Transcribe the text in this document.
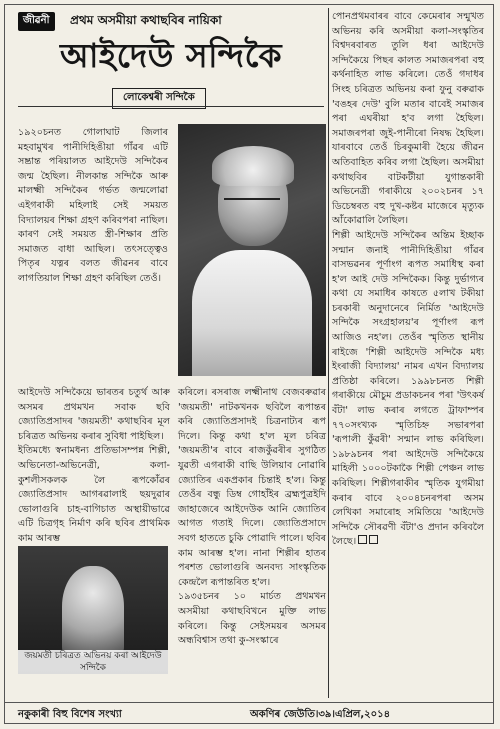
জীৱনী	প্ৰথম অসমীয়া কথাছবিৰ নায়িকা
আইদেউ সন্দিকৈ
লোকেশ্বৰী সন্দিকৈ

১৯২০চনত গোলাঘাট জিলাৰ মহবামুখৰ পানীদিহিঙীয়া গাঁৱৰ এটি সম্ভ্ৰান্ত পৰিয়ালত আইদেউ সন্দিকৈৰ জন্ম হৈছিল। নীলকান্ত সন্দিকৈ আৰু মালক্ষ্মী সন্দিকৈৰ গৰ্ভত জন্মলোৱা এইগৰাকী মহিলাই সেই সময়ত বিদ্যালয়ৰ শিক্ষা গ্ৰহণ কৰিবপৰা নাছিল। কাৰণ সেই সময়ত স্ত্ৰী-শিক্ষাৰ প্ৰতি সমাজত বাধা আছিল। তৎসত্ত্বেও পিতৃৰ যত্নৰ বলত জীৱনৰ বাবে লাগতিয়াল শিক্ষা গ্ৰহণ কৰিছিল তেওঁ।

আইদেউ সন্দিকৈয়ে ভাৰতৰ চতুৰ্থ আৰু অসমৰ প্ৰথমখন সবাক ছবি জ্যোতিপ্ৰসাদৰ 'জয়মতী' কথাছবিৰ মূল চৰিত্ৰত অভিনয় কৰাৰ সুবিধা পাইছিল।

ইতিমধ্যে স্বনামধন্য প্ৰতিভাসম্পন্ন শিল্পী, অভিনেতা-অভিনেত্ৰী, কলা-কুশলীসকলক লৈ ৰূপকোঁৱৰ জ্যোতিপ্ৰসাদ আগৰৱালাই ছয়দুৱাৰ ভোলাগুৰি চাহ-বাগিচাত অস্থায়ীভাৱে এটি চিত্ৰগৃহ নিৰ্মাণ কৰি ছবিৰ প্ৰাথমিক কাম আৰম্ভ

কৰিলে। ৰসৰাজ লক্ষ্মীনাথ বেজবৰুৱাৰ 'জয়মতী' নাটকখনক ছবিলৈ ৰূপান্তৰ কৰি জ্যোতিপ্ৰসাদই চিত্ৰনাট্যৰ ৰূপ দিলে। কিন্তু কথা হ'ল মূল চৰিত্ৰ 'জয়মতী'ৰ বাবে ৰাজকুঁৱৰীৰ সুগঠিত যুৱতী এগৰাকী বাছি উলিয়াব নোৱাৰি জ্যোতিৰ একপ্ৰকাৰ চিন্তাই হ'ল। কিন্তু তেওঁৰ বন্ধু ডিম্ব গোহাঁইৰ ব্ৰহ্মপুত্ৰইদি জাহাজেৰে আইদেউক আনি জ্যোতিৰ আগত গতাই দিলে। জ্যোতিপ্ৰসাদে সবগ হাততে চুকি পোৱাদি পালে। ছবিৰ কাম আৰম্ভ হ'ল। নানা শিল্পীৰ হাতৰ পৰশত ভোলাগুৰি অনবদ্য সাংস্কৃতিক কেন্দ্ৰলৈ ৰূপান্তৰিত হ'ল।

১৯৩৫চনৰ ১০ মাৰ্চত প্ৰথমখন অসমীয়া কথাছবিখনে মুক্তি লাভ কৰিলে। কিন্তু সেইসময়ৰ অসমৰ অন্ধবিশ্বাস তথা কু-সংস্কাৰে

পোনপ্ৰথমবাৰৰ বাবে কেমেৰাৰ সন্মুখত অভিনয় কৰি অসমীয়া কলা-সংস্কৃতিৰ বিশ্বদৰবাৰত তুলি ধৰা আইদেউ সন্দিকৈয়ে পিছৰ কালত সমাজৰপৰা বহু কৰ্থনাহিত লাভ কৰিলে। তেওঁ গদাধৰ সিংহ চৰিত্ৰত অভিনয় কৰা ফুনু বৰুৱাক 'বঙহৰ দেউ' বুলি মতাৰ বাবেই সমাজৰ পৰা এঘৰীয়া হ'ব লগা হৈছিল। সমাজৰপৰা জুই-পানীৰো নিষদ্ধ হৈছিল। যাৰবাবে তেওঁ চিৰকুমাৰী হৈয়ে জীৱন অতিবাহিত কৰিব লগা হৈছিল। অসমীয়া কথাছবিৰ বাটকটীয়া যুগান্তকাৰী অভিনেত্ৰী গৰাকীয়ে ২০০২চনৰ ১৭ ডিচেম্বৰত বহু দুখ-কষ্টৰ মাজেৰে মৃত্যুক আঁকোৱালি লৈছিল।

শিল্পী আইদেউ সন্দিকৈৰ অন্তিম ইচ্ছাক সন্মান জনাই পানীদিহিঙীয়া গাঁৱৰ বাসভৱনৰ পূৰ্ণাংগ ৰূপত সমাধিস্থ কৰা হ'ল আই দেউ সন্দিকৈক। কিন্তু দুৰ্ভাগ্যৰ কথা যে সমাধিৰ কাষতে ৫লাখ টকীয়া চৰকাৰী অনুদানেৰে নিৰ্মিত 'আইদেউ সন্দিকৈ সংগ্ৰহালয়'ৰ পূৰ্ণাংগ ৰূপ আজিও নহ'ল। তেওঁৰ স্মৃতিত স্থানীয় ৰাইজে 'শিল্পী আইদেউ সন্দিকৈ মধ্য ইংৰাজী বিদ্যালয়' নামৰ এখন বিদ্যালয় প্ৰতিষ্ঠা কৰিলে। ১৯৯৮চনত শিল্পী গৰাকীয়ে মৌচুম প্ৰডাকচনৰ পৰা 'উৎকৰ্ষ বঁটা' লাভ কৰাৰ লগতে ট্ৰাফাম্পৰ ৭৭০সংখ্যক স্মৃতিচিহ্ন সভাৰপৰা 'ৰূপালী কুঁৱৰী' সন্মান লাভ কৰিছিল। ১৯৮৯চনৰ পৰা আইদেউ সন্দিকৈয়ে মাহিলী ১০০০টকাকৈ শিল্পী পেঞ্চন লাভ কৰিছিল। শিল্পীগৰাকীৰ স্মৃতিক যুগমীয়া কৰাৰ বাবে ২০০৪চনৰপৰা অসম লেখিকা সমাৰোহ সমিতিয়ে 'আইদেউ সন্দিকৈ সৌৰৱণী বঁটা'ও প্ৰদান কৰিবলৈ লৈছে।

জয়মতী চৰিত্ৰত অভিনয় কৰা আইদেউ সন্দিকৈ
নকুকাৰী বিহু বিশেষ সংখ্যা	অকণিৰ জেউতি।৩৯।এপ্ৰিল,২০১৪
